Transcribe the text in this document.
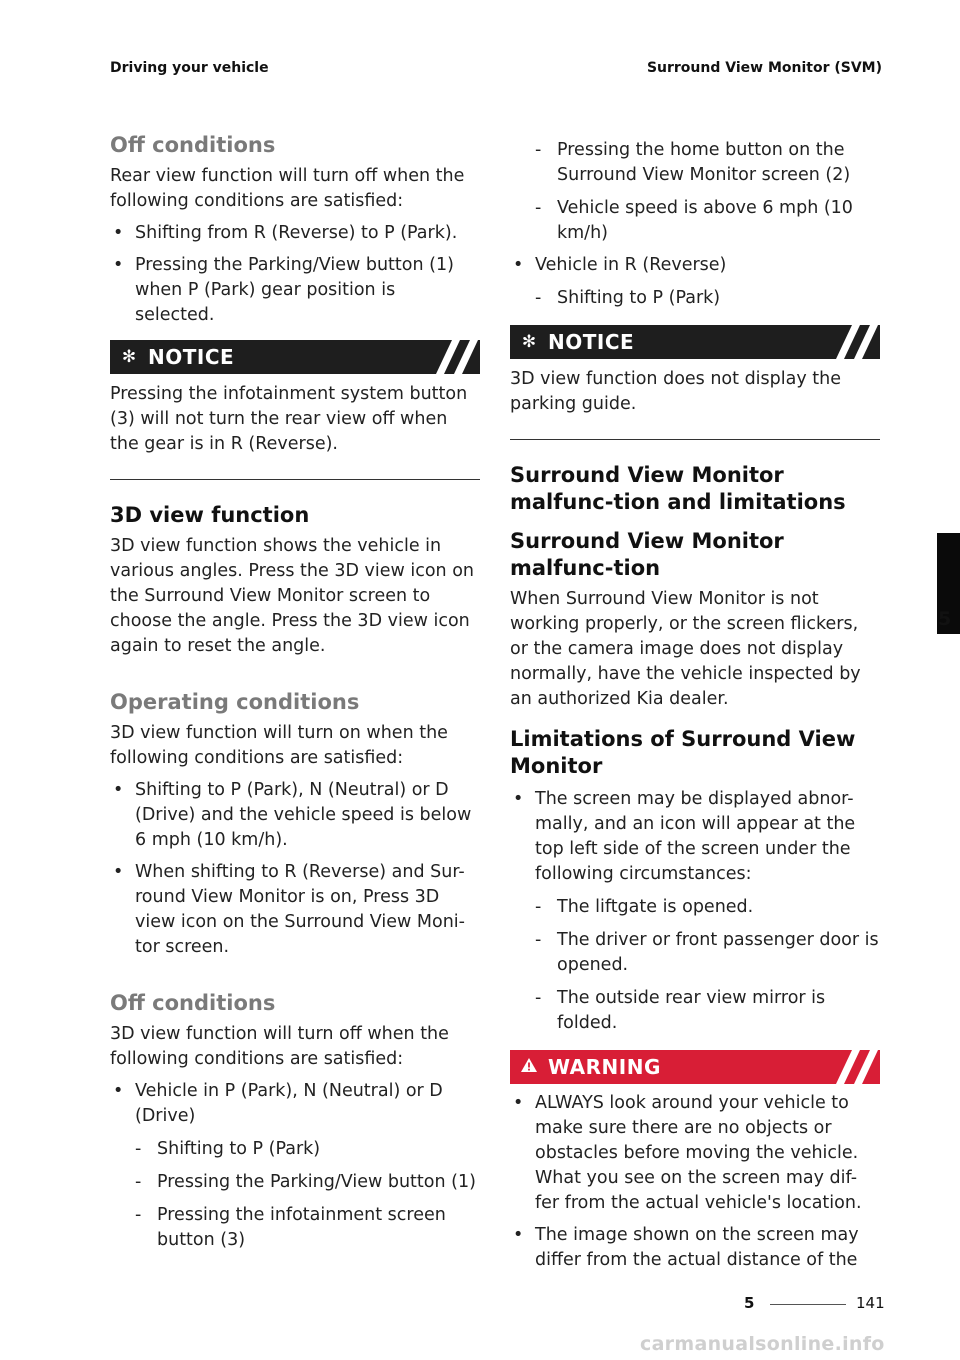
Driving your vehicle	Surround View Monitor (SVM)
5
Off conditions
Rear view function will turn off when the following conditions are satisfied:
• Shifting from R (Reverse) to P (Park).
• Pressing the Parking/View button (1) when P (Park) gear position is selected.
✻ NOTICE
Pressing the infotainment system button (3) will not turn the rear view off when the gear is in R (Reverse).
3D view function
3D view function shows the vehicle in various angles. Press the 3D view icon on the Surround View Monitor screen to choose the angle. Press the 3D view icon again to reset the angle.
Operating conditions
3D view function will turn on when the following conditions are satisfied:
• Shifting to P (Park), N (Neutral) or D (Drive) and the vehicle speed is below 6 mph (10 km/h).
• When shifting to R (Reverse) and Sur-round View Monitor is on, Press 3D view icon on the Surround View Moni-tor screen.
Off conditions
3D view function will turn off when the following conditions are satisfied:
• Vehicle in P (Park), N (Neutral) or D (Drive)
- Shifting to P (Park)
- Pressing the Parking/View button (1)
- Pressing the infotainment screen button (3)
- Pressing the home button on the Surround View Monitor screen (2)
- Vehicle speed is above 6 mph (10 km/h)
• Vehicle in R (Reverse)
- Shifting to P (Park)
✻ NOTICE
3D view function does not display the parking guide.
Surround View Monitor malfunc-tion and limitations
Surround View Monitor malfunc-tion
When Surround View Monitor is not working properly, or the screen flickers, or the camera image does not display normally, have the vehicle inspected by an authorized Kia dealer.
Limitations of Surround View Monitor
• The screen may be displayed abnor-mally, and an icon will appear at the top left side of the screen under the following circumstances:
- The liftgate is opened.
- The driver or front passenger door is opened.
- The outside rear view mirror is folded.
WARNING
• ALWAYS look around your vehicle to make sure there are no objects or obstacles before moving the vehicle. What you see on the screen may dif-fer from the actual vehicle's location.
• The image shown on the screen may differ from the actual distance of the
5	141
carmanualsonline.info
